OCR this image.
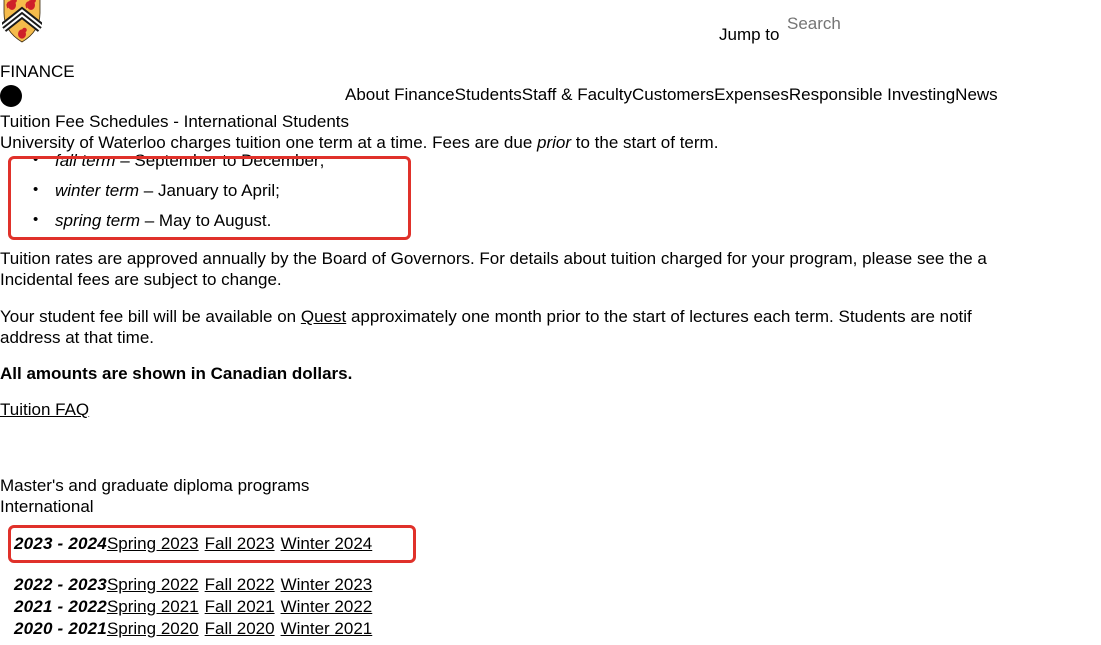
Jump to
Search
FINANCE
About FinanceStudentsStaff & FacultyCustomersExpensesResponsible InvestingNews
Tuition Fee Schedules - International Students
University of Waterloo charges tuition one term at a time. Fees are due prior to the start of term.
• fall term – September to December;
• winter term – January to April;
• spring term – May to August.
Tuition rates are approved annually by the Board of Governors. For details about tuition charged for your program, please see the a
Incidental fees are subject to change.
Your student fee bill will be available on Quest approximately one month prior to the start of lectures each term. Students are notif
address at that time.
All amounts are shown in Canadian dollars.
Tuition FAQ
Master's and graduate diploma programs
International
2023 - 2024Spring 2023 Fall 2023 Winter 2024
2022 - 2023Spring 2022 Fall 2022 Winter 2023
2021 - 2022Spring 2021 Fall 2021 Winter 2022
2020 - 2021Spring 2020 Fall 2020 Winter 2021
